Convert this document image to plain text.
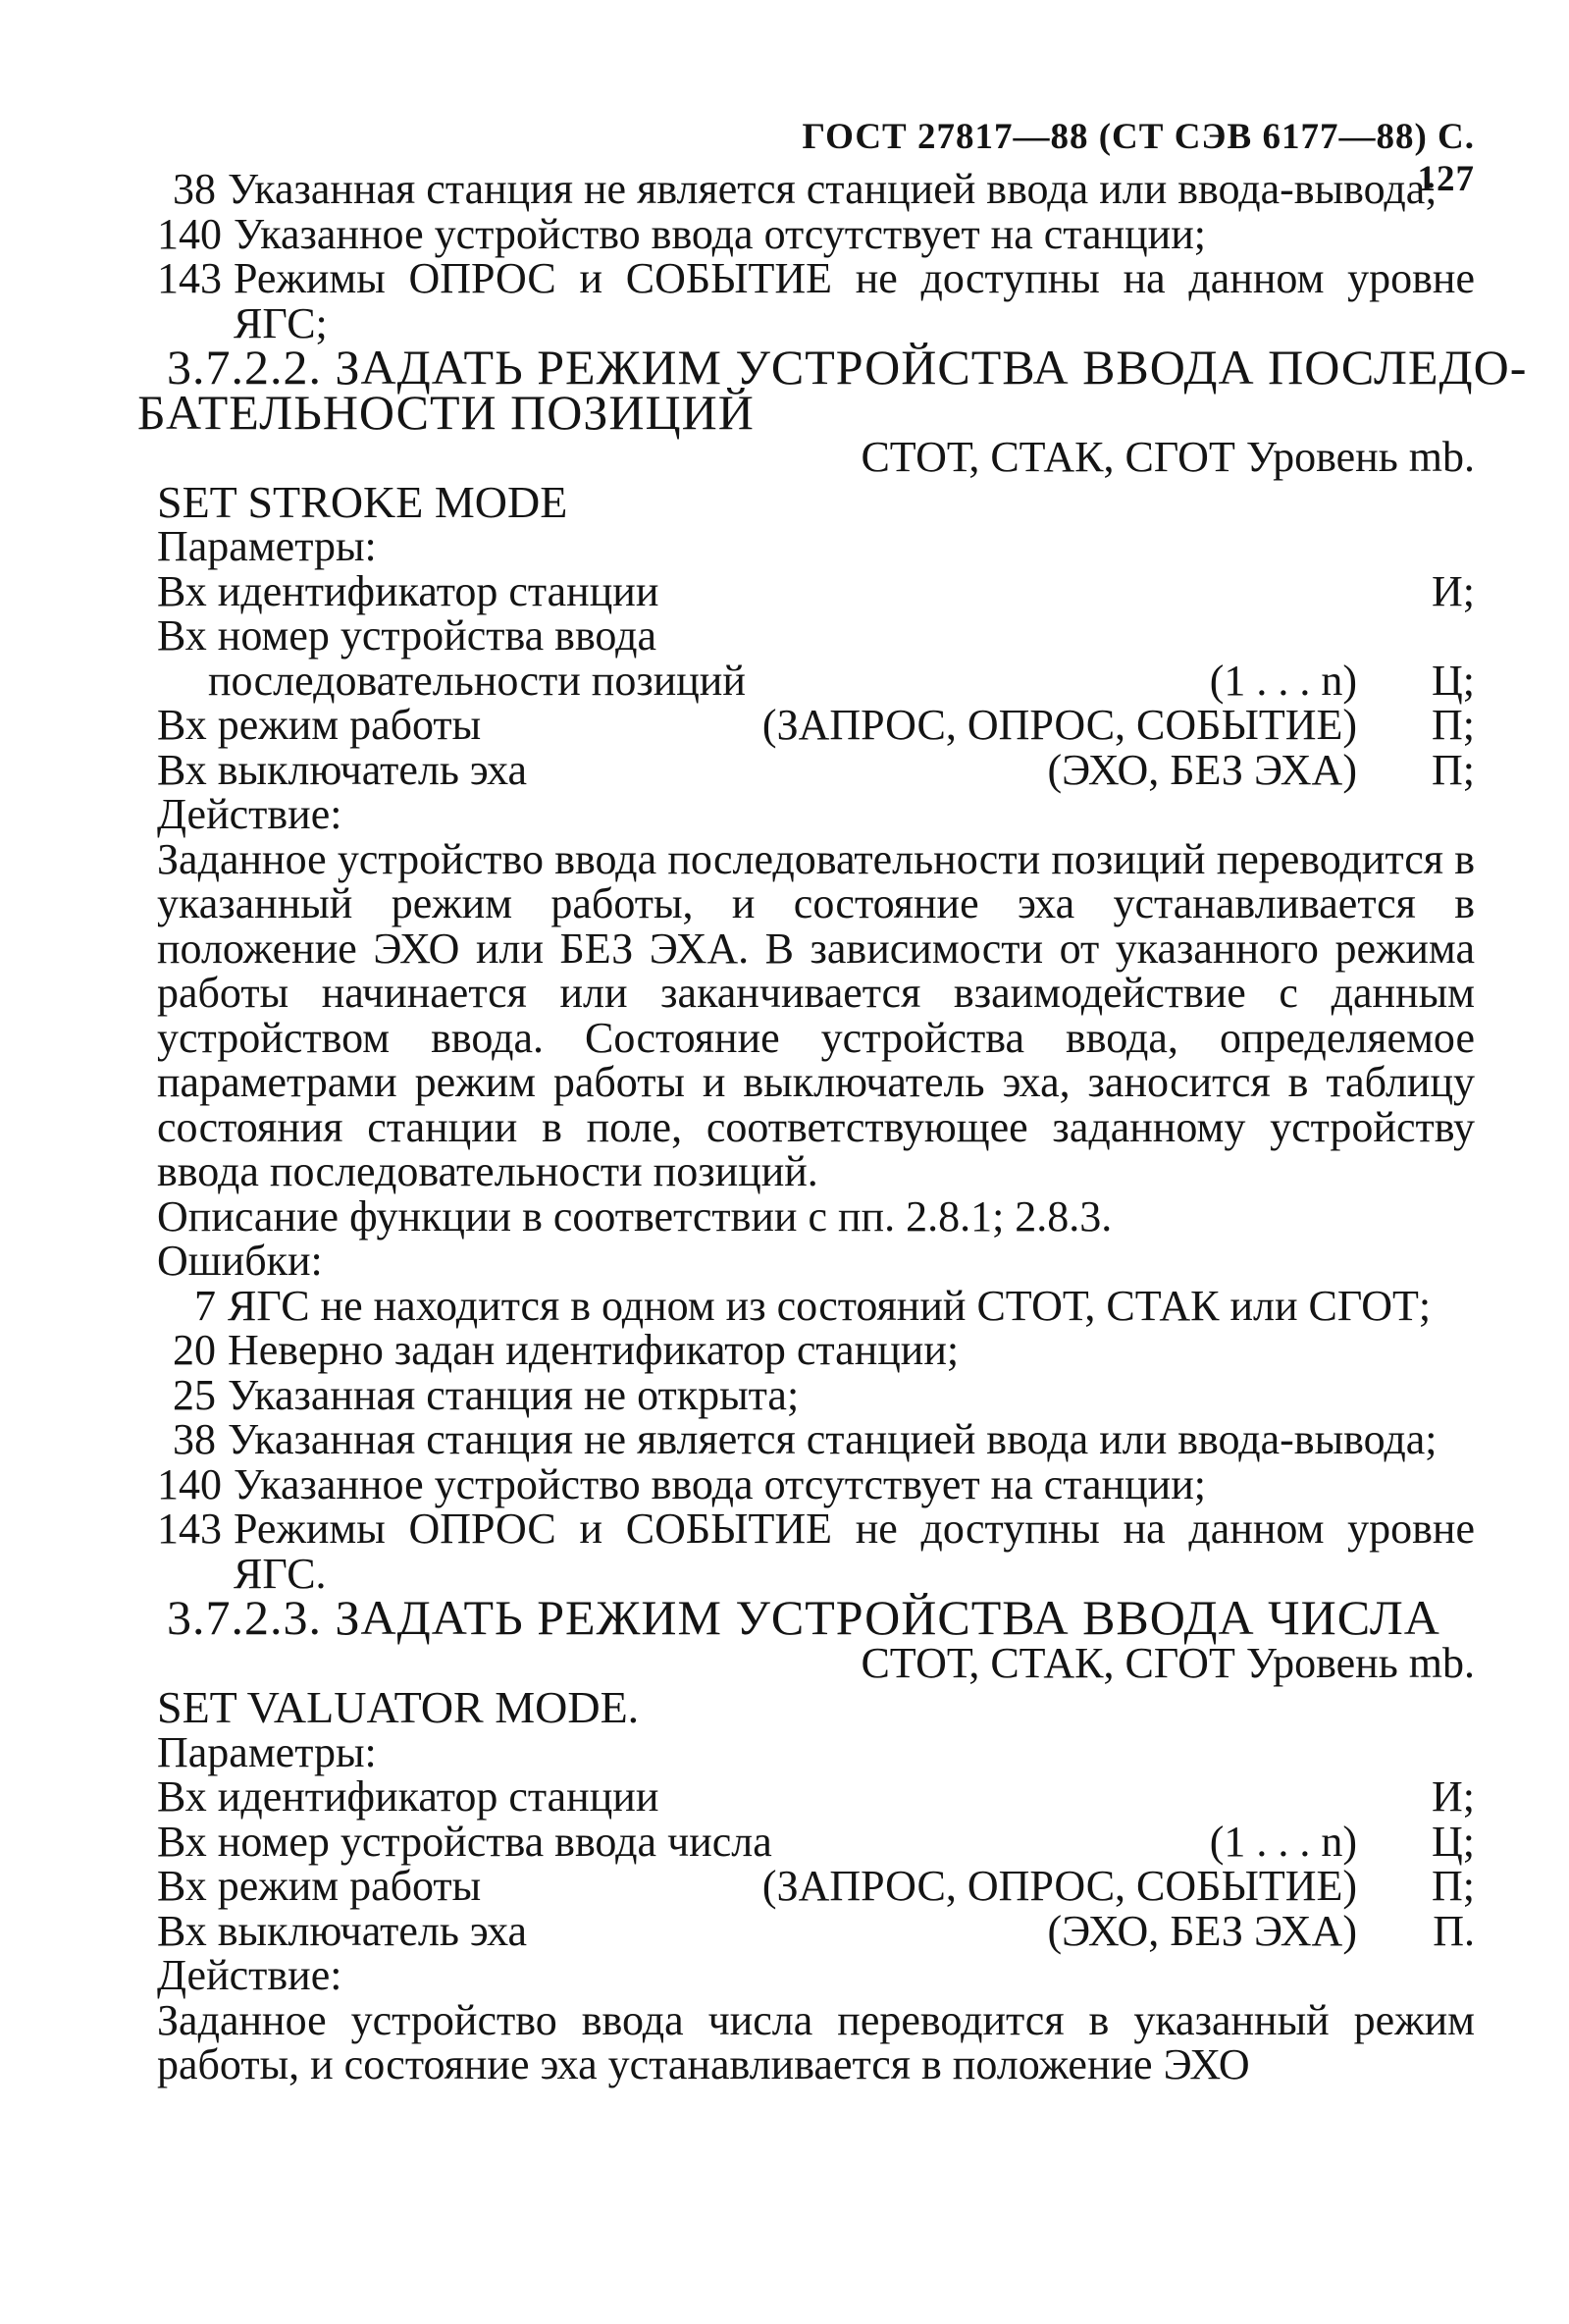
ГОСТ 27817—88 (СТ СЭВ 6177—88) С. 127
38 Указанная станция не является станцией ввода или ввода-вывода;
140 Указанное устройство ввода отсутствует на станции;
143 Режимы ОПРОС и СОБЫТИЕ не доступны на данном уровне ЯГС;
3.7.2.2. ЗАДАТЬ РЕЖИМ УСТРОЙСТВА ВВОДА ПОСЛЕДО-
БАТЕЛЬНОСТИ ПОЗИЦИЙ
СТОТ, СТАК, СГОТ Уровень mb.
SET STROKE MODE
Параметры:
Вх идентификатор станции	И;
Вх номер устройства ввода
последовательности позиций	(1 . . . n)	Ц;
Вх режим работы	(ЗАПРОС, ОПРОС, СОБЫТИЕ)	П;
Вх выключатель эха	(ЭХО, БЕЗ ЭХА)	П;
Действие:
Заданное устройство ввода последовательности позиций переводится в указанный режим работы, и состояние эха устанавливается в положение ЭХО или БЕЗ ЭХА. В зависимости от указанного режима работы начинается или заканчивается взаимодействие с данным устройством ввода. Состояние устройства ввода, определяемое параметрами режим работы и выключатель эха, заносится в таблицу состояния станции в поле, соответствующее заданному устройству ввода последовательности позиций.
Описание функции в соответствии с пп. 2.8.1; 2.8.3.
Ошибки:
7 ЯГС не находится в одном из состояний СТОТ, СТАК или СГОТ;
20 Неверно задан идентификатор станции;
25 Указанная станция не открыта;
38 Указанная станция не является станцией ввода или ввода-вывода;
140 Указанное устройство ввода отсутствует на станции;
143 Режимы ОПРОС и СОБЫТИЕ не доступны на данном уровне ЯГС.
3.7.2.3. ЗАДАТЬ РЕЖИМ УСТРОЙСТВА ВВОДА ЧИСЛА
СТОТ, СТАК, СГОТ Уровень mb.
SET VALUATOR MODE.
Параметры:
Вх идентификатор станции	И;
Вх номер устройства ввода числа	(1 . . . n)	Ц;
Вх режим работы	(ЗАПРОС, ОПРОС, СОБЫТИЕ)	П;
Вх выключатель эха	(ЭХО, БЕЗ ЭХА)	П.
Действие:
Заданное устройство ввода числа переводится в указанный режим работы, и состояние эха устанавливается в положение ЭХО
